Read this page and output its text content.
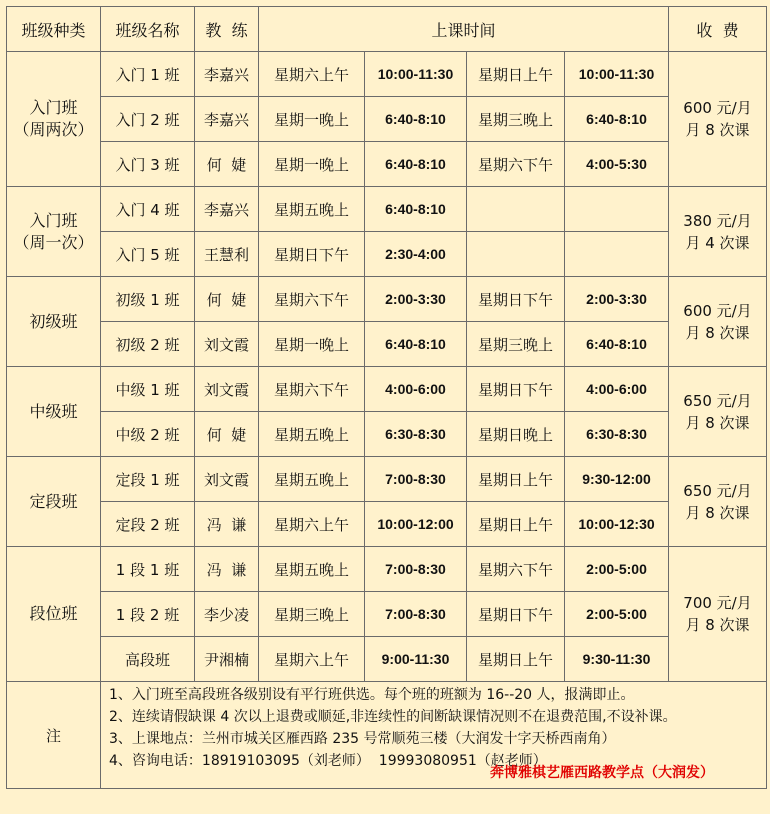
班级种类	班级名称	教  练	上课时间				收  费

入门班
（周两次）	入门 1 班	李嘉兴	星期六上午	10:00-11:30	星期日上午	10:00-11:30	600 元/月
月 8 次课

	入门 2 班	李嘉兴	星期一晚上	6:40-8:10	星期三晚上	6:40-8:10	
	入门 3 班	何  婕	星期一晚上	6:40-8:10	星期六下午	4:00-5:30	

入门班
（周一次）	入门 4 班	李嘉兴	星期五晚上	6:40-8:10			380 元/月
月 4 次课

	入门 5 班	王慧利	星期日下午	2:30-4:00			

初级班	初级 1 班	何  婕	星期六下午	2:00-3:30	星期日下午	2:00-3:30	600 元/月
月 8 次课

	初级 2 班	刘文霞	星期一晚上	6:40-8:10	星期三晚上	6:40-8:10	

中级班	中级 1 班	刘文霞	星期六下午	4:00-6:00	星期日下午	4:00-6:00	650 元/月
月 8 次课

	中级 2 班	何  婕	星期五晚上	6:30-8:30	星期日晚上	6:30-8:30	

定段班	定段 1 班	刘文霞	星期五晚上	7:00-8:30	星期日上午	9:30-12:00	650 元/月
月 8 次课

	定段 2 班	冯  谦	星期六上午	10:00-12:00	星期日上午	10:00-12:30	

段位班	1 段 1 班	冯  谦	星期五晚上	7:00-8:30	星期六下午	2:00-5:00	700 元/月
月 8 次课

	1 段 2 班	李少凌	星期三晚上	7:00-8:30	星期日下午	2:00-5:00	
	高段班	尹湘楠	星期六上午	9:00-11:30	星期日上午	9:30-11:30	
注	1、入门班至高段班各级别设有平行班供选。每个班的班额为 16--20 人，报满即止。
2、连续请假缺课 4 次以上退费或顺延,非连续性的间断缺课情况则不在退费范围,不设补课。
3、上课地点：兰州市城关区雁西路 235 号常顺苑三楼（大润发十字天桥西南角）
4、咨询电话：18919103095（刘老师）  19993080951（赵老师）
奔博雅棋艺雁西路教学点（大润发）						
